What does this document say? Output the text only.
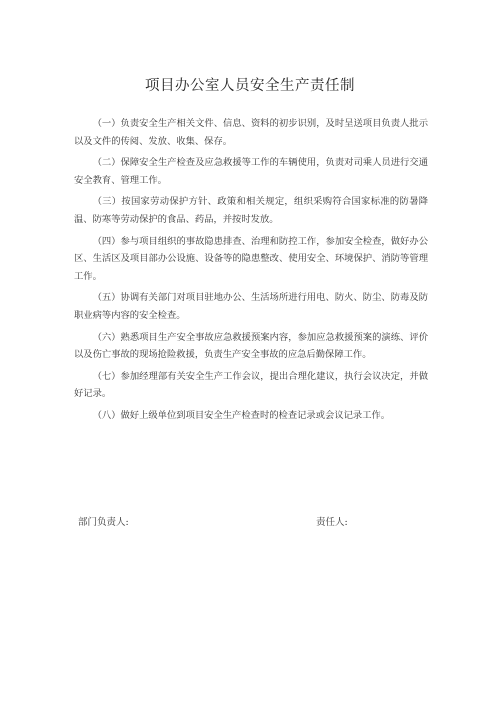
项目办公室人员安全生产责任制

（一）负责安全生产相关文件、信息、资料的初步识别，及时呈送项目负责人批示以及文件的传阅、发放、收集、保存。

（二）保障安全生产检查及应急救援等工作的车辆使用，负责对司乘人员进行交通安全教育、管理工作。

（三）按国家劳动保护方针、政策和相关规定，组织采购符合国家标准的防暑降温、防寒等劳动保护的食品、药品，并按时发放。

（四）参与项目组织的事故隐患排查、治理和防控工作，参加安全检查，做好办公区、生活区及项目部办公设施、设备等的隐患整改、使用安全、环境保护、消防等管理工作。

（五）协调有关部门对项目驻地办公、生活场所进行用电、防火、防尘、防毒及防职业病等内容的安全检查。

（六）熟悉项目生产安全事故应急救援预案内容，参加应急救援预案的演练、评价以及伤亡事故的现场抢险救援，负责生产安全事故的应急后勤保障工作。

（七）参加经理部有关安全生产工作会议，提出合理化建议，执行会议决定，并做好记录。

（八）做好上级单位到项目安全生产检查时的检查记录或会议记录工作。

部门负责人:	责任人:
